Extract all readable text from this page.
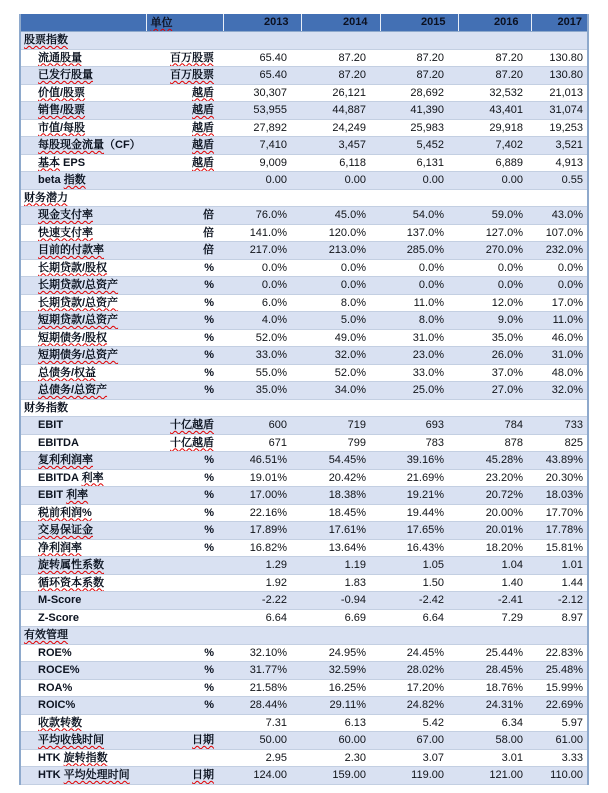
	单位	2013	2014	2015	2016	2017
股票指数						
流通股量	百万股票	65.40	87.20	87.20	87.20	130.80
已发行股量	百万股票	65.40	87.20	87.20	87.20	130.80
价值/股票	越盾	30,307	26,121	28,692	32,532	21,013
销售/股票	越盾	53,955	44,887	41,390	43,401	31,074
市值/每股	越盾	27,892	24,249	25,983	29,918	19,253
每股现金流量（CF）	越盾	7,410	3,457	5,452	7,402	3,521
基本 EPS	越盾	9,009	6,118	6,131	6,889	4,913
beta 指数		0.00	0.00	0.00	0.00	0.55
财务潜力						
现金支付率	倍	76.0%	45.0%	54.0%	59.0%	43.0%
快速支付率	倍	141.0%	120.0%	137.0%	127.0%	107.0%
目前的付款率	倍	217.0%	213.0%	285.0%	270.0%	232.0%
长期贷款/股权	%	0.0%	0.0%	0.0%	0.0%	0.0%
长期贷款/总资产	%	0.0%	0.0%	0.0%	0.0%	0.0%
长期贷款/总资产	%	6.0%	8.0%	11.0%	12.0%	17.0%
短期贷款/总资产	%	4.0%	5.0%	8.0%	9.0%	11.0%
短期债务/股权	%	52.0%	49.0%	31.0%	35.0%	46.0%
短期债务/总资产	%	33.0%	32.0%	23.0%	26.0%	31.0%
总债务/权益	%	55.0%	52.0%	33.0%	37.0%	48.0%
总债务/总资产	%	35.0%	34.0%	25.0%	27.0%	32.0%
财务指数						
EBIT	十亿越盾	600	719	693	784	733
EBITDA	十亿越盾	671	799	783	878	825
复利利润率	%	46.51%	54.45%	39.16%	45.28%	43.89%
EBITDA 利率	%	19.01%	20.42%	21.69%	23.20%	20.30%
EBIT 利率	%	17.00%	18.38%	19.21%	20.72%	18.03%
税前利润%	%	22.16%	18.45%	19.44%	20.00%	17.70%
交易保证金	%	17.89%	17.61%	17.65%	20.01%	17.78%
净利润率	%	16.82%	13.64%	16.43%	18.20%	15.81%
旋转属性系数		1.29	1.19	1.05	1.04	1.01
循环资本系数		1.92	1.83	1.50	1.40	1.44
M-Score		-2.22	-0.94	-2.42	-2.41	-2.12
Z-Score		6.64	6.69	6.64	7.29	8.97
有效管理						
ROE%	%	32.10%	24.95%	24.45%	25.44%	22.83%
ROCE%	%	31.77%	32.59%	28.02%	28.45%	25.48%
ROA%	%	21.58%	16.25%	17.20%	18.76%	15.99%
ROIC%	%	28.44%	29.11%	24.82%	24.31%	22.69%
收款转数		7.31	6.13	5.42	6.34	5.97
平均收钱时间	日期	50.00	60.00	67.00	58.00	61.00
HTK 旋转指数		2.95	2.30	3.07	3.01	3.33
HTK 平均处理时间	日期	124.00	159.00	119.00	121.00	110.00
